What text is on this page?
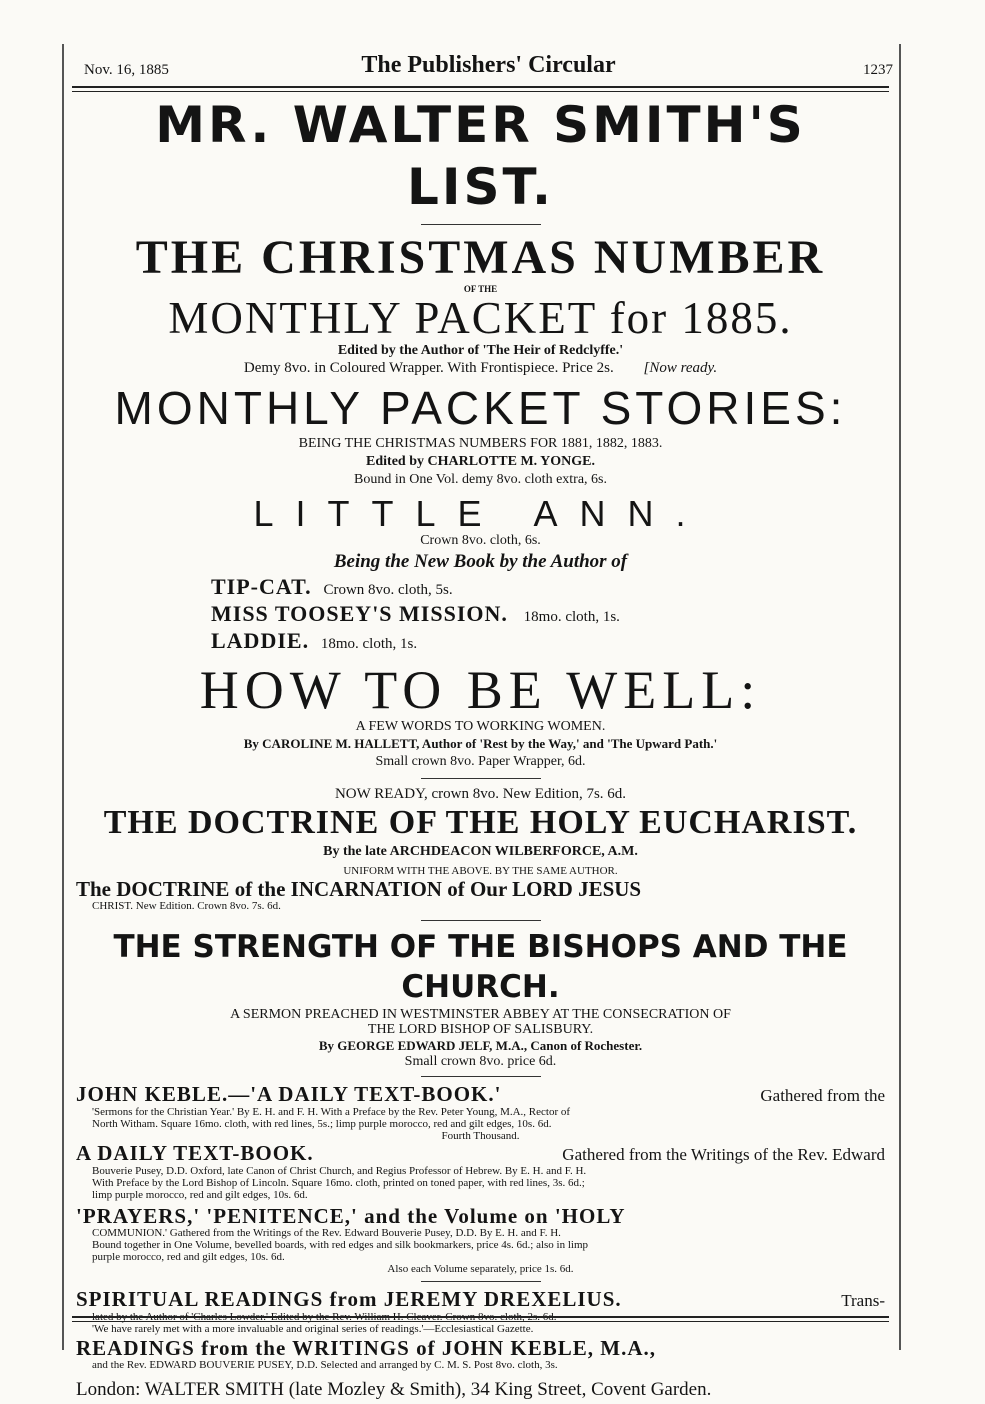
Nov. 16, 1885	The Publishers' Circular	1237

MR. WALTER SMITH'S LIST.

THE CHRISTMAS NUMBER

OF THE

MONTHLY PACKET for 1885.

Edited by the Author of 'The Heir of Redclyffe.'

Demy 8vo. in Coloured Wrapper. With Frontispiece. Price 2s. [Now ready.

MONTHLY PACKET STORIES:

BEING THE CHRISTMAS NUMBERS FOR 1881, 1882, 1883.

Edited by CHARLOTTE M. YONGE.

Bound in One Vol. demy 8vo. cloth extra, 6s.

LITTLE ANN.

Crown 8vo. cloth, 6s.

Being the New Book by the Author of

TIP-CAT. Crown 8vo. cloth, 5s.

MISS TOOSEY'S MISSION. 18mo. cloth, 1s.

LADDIE. 18mo. cloth, 1s.

HOW TO BE WELL:

A FEW WORDS TO WORKING WOMEN.

By CAROLINE M. HALLETT, Author of 'Rest by the Way,' and 'The Upward Path.'

Small crown 8vo. Paper Wrapper, 6d.

NOW READY, crown 8vo. New Edition, 7s. 6d.

THE DOCTRINE OF THE HOLY EUCHARIST.

By the late ARCHDEACON WILBERFORCE, A.M.

UNIFORM WITH THE ABOVE. BY THE SAME AUTHOR.

The DOCTRINE of the INCARNATION of Our LORD JESUS

CHRIST. New Edition. Crown 8vo. 7s. 6d.

THE STRENGTH OF THE BISHOPS AND THE CHURCH.

A SERMON PREACHED IN WESTMINSTER ABBEY AT THE CONSECRATION OF

THE LORD BISHOP OF SALISBURY.

By GEORGE EDWARD JELF, M.A., Canon of Rochester.

Small crown 8vo. price 6d.

JOHN KEBLE.—'A DAILY TEXT-BOOK.'	Gathered from the

'Sermons for the Christian Year.' By E. H. and F. H. With a Preface by the Rev. Peter Young, M.A., Rector of

North Witham. Square 16mo. cloth, with red lines, 5s.; limp purple morocco, red and gilt edges, 10s. 6d.

Fourth Thousand.

A DAILY TEXT-BOOK.	Gathered from the Writings of the Rev. Edward

Bouverie Pusey, D.D. Oxford, late Canon of Christ Church, and Regius Professor of Hebrew. By E. H. and F. H.

With Preface by the Lord Bishop of Lincoln. Square 16mo. cloth, printed on toned paper, with red lines, 3s. 6d.;

limp purple morocco, red and gilt edges, 10s. 6d.

'PRAYERS,' 'PENITENCE,' and the Volume on 'HOLY

COMMUNION.' Gathered from the Writings of the Rev. Edward Bouverie Pusey, D.D. By E. H. and F. H.

Bound together in One Volume, bevelled boards, with red edges and silk bookmarkers, price 4s. 6d.; also in limp

purple morocco, red and gilt edges, 10s. 6d.

Also each Volume separately, price 1s. 6d.

SPIRITUAL READINGS from JEREMY DREXELIUS.	Trans-

lated by the Author of 'Charles Lowder.' Edited by the Rev. William H. Cleaver. Crown 8vo. cloth, 2s. 6d.

'We have rarely met with a more invaluable and original series of readings.'—Ecclesiastical Gazette.

READINGS from the WRITINGS of JOHN KEBLE, M.A.,

and the Rev. EDWARD BOUVERIE PUSEY, D.D. Selected and arranged by C. M. S. Post 8vo. cloth, 3s.

London: WALTER SMITH (late Mozley & Smith), 34 King Street, Covent Garden.
